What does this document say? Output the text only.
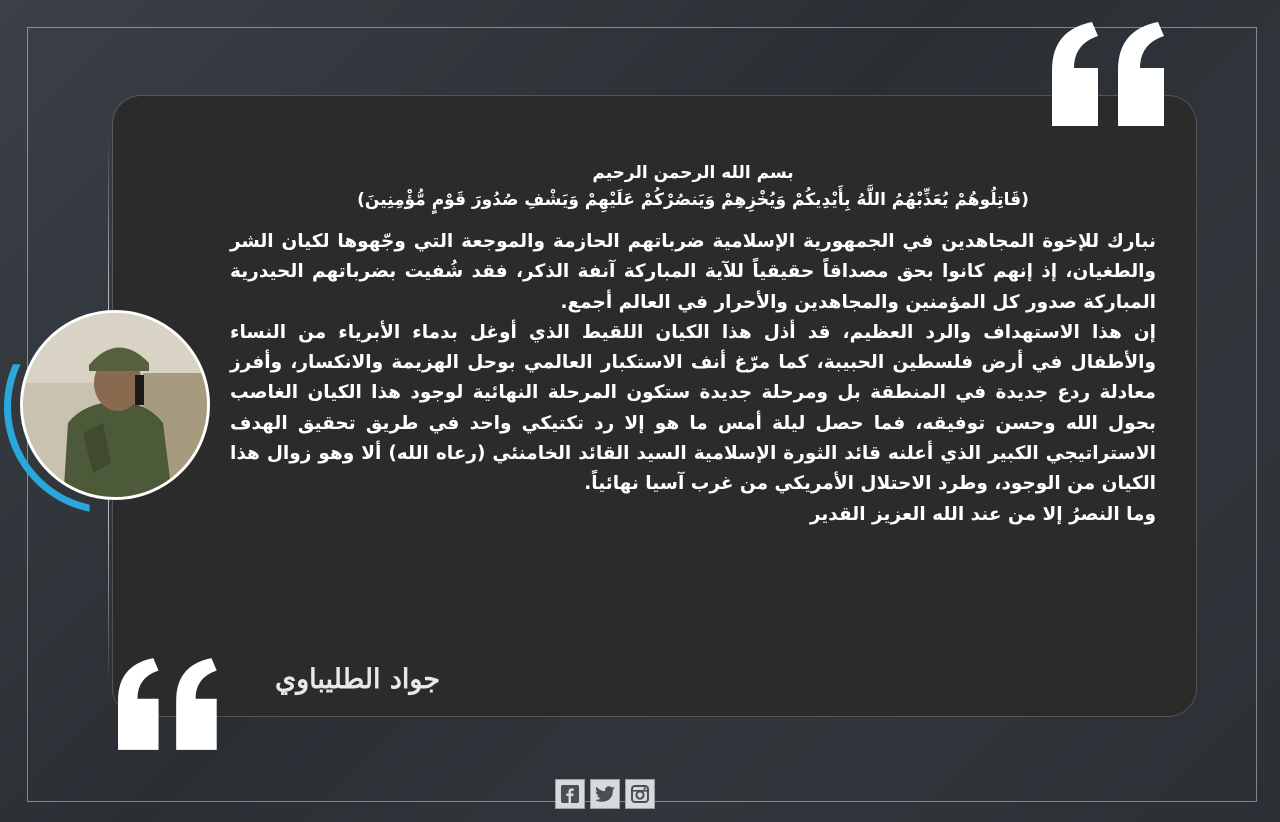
بسم الله الرحمن الرحيم
(قَاتِلُوهُمْ يُعَذِّبْهُمُ اللَّهُ بِأَيْدِيكُمْ وَيُخْزِهِمْ وَيَنصُرْكُمْ عَلَيْهِمْ وَيَشْفِ صُدُورَ قَوْمٍ مُّؤْمِنِينَ)

نبارك للإخوة المجاهدين في الجمهورية الإسلامية ضرباتهم الحازمة والموجعة التي وجّهوها لكيان الشر والطغيان، إذ إنهم كانوا بحق مصداقاً حقيقياً للآية المباركة آنفة الذكر، فقد شُفيت بضرباتهم الحيدرية المباركة صدور كل المؤمنين والمجاهدين والأحرار في العالم أجمع.

إن هذا الاستهداف والرد العظيم، قد أذل هذا الكيان اللقيط الذي أوغل بدماء الأبرياء من النساء والأطفال في أرض فلسطين الحبيبة، كما مرّغ أنف الاستكبار العالمي بوحل الهزيمة والانكسار، وأفرز معادلة ردع جديدة في المنطقة بل ومرحلة جديدة ستكون المرحلة النهائية لوجود هذا الكيان الغاصب بحول الله وحسن توفيقه، فما حصل ليلة أمس ما هو إلا رد تكتيكي واحد في طريق تحقيق الهدف الاستراتيجي الكبير الذي أعلنه قائد الثورة الإسلامية السيد القائد الخامنئي (رعاه الله) ألا وهو زوال هذا الكيان من الوجود، وطرد الاحتلال الأمريكي من غرب آسيا نهائياً.

وما النصرُ إلا من عند الله العزيز القدير

جواد الطليباوي
